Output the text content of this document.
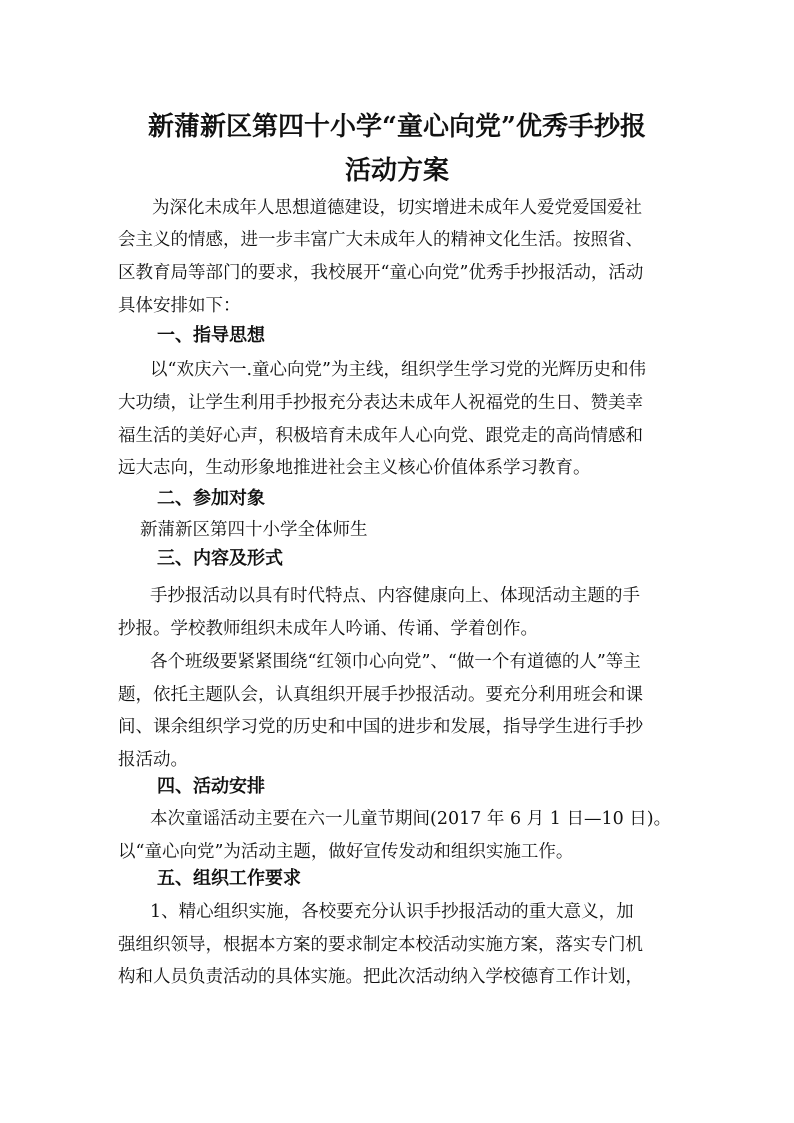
新蒲新区第四十小学“童心向党”优秀手抄报
活动方案
为深化未成年人思想道德建设，切实增进未成年人爱党爱国爱社
会主义的情感，进一步丰富广大未成年人的精神文化生活。按照省、
区教育局等部门的要求，我校展开“童心向党”优秀手抄报活动，活动
具体安排如下：
一、指导思想
以“欢庆六一.童心向党”为主线，组织学生学习党的光辉历史和伟
大功绩，让学生利用手抄报充分表达未成年人祝福党的生日、赞美幸
福生活的美好心声，积极培育未成年人心向党、跟党走的高尚情感和
远大志向，生动形象地推进社会主义核心价值体系学习教育。
二、参加对象
新蒲新区第四十小学全体师生
三、内容及形式
手抄报活动以具有时代特点、内容健康向上、体现活动主题的手
抄报。学校教师组织未成年人吟诵、传诵、学着创作。
各个班级要紧紧围绕“红领巾心向党”、“做一个有道德的人”等主
题，依托主题队会，认真组织开展手抄报活动。要充分利用班会和课
间、课余组织学习党的历史和中国的进步和发展，指导学生进行手抄
报活动。
四、活动安排
本次童谣活动主要在六一儿童节期间(2017 年 6 月 1 日—10 日)。
以“童心向党”为活动主题，做好宣传发动和组织实施工作。
五、组织工作要求
1、精心组织实施，各校要充分认识手抄报活动的重大意义，加
强组织领导，根据本方案的要求制定本校活动实施方案，落实专门机
构和人员负责活动的具体实施。把此次活动纳入学校德育工作计划，
